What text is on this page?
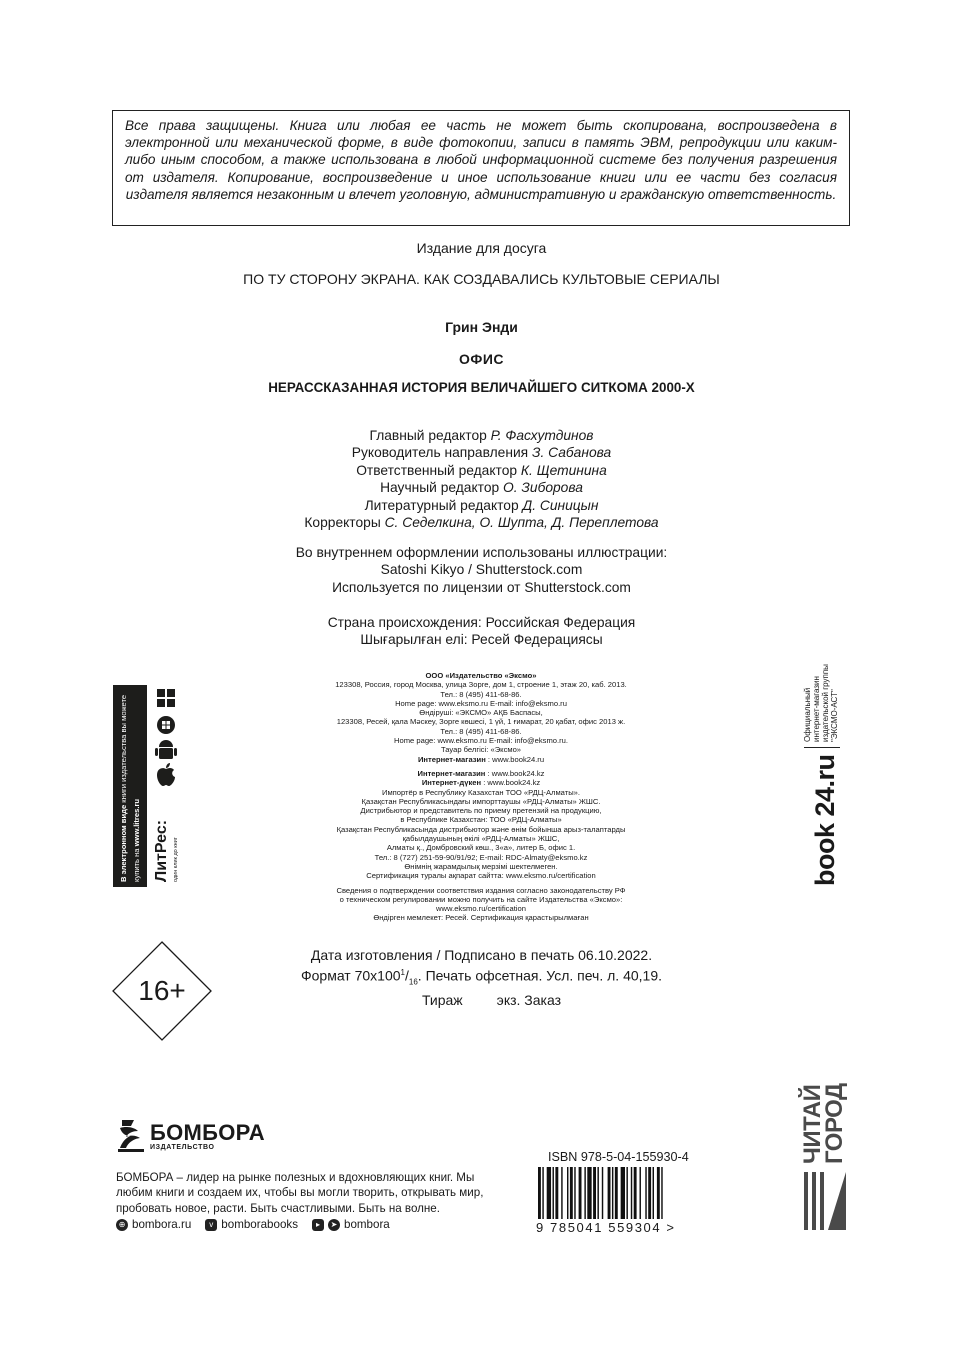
Все права защищены. Книга или любая ее часть не может быть скопирована, воспроизведена в электронной или механической форме, в виде фотокопии, записи в память ЭВМ, репродукции или каким-либо иным способом, а также использована в любой информационной системе без получения разрешения от издателя. Копирование, воспроизведение и иное использование книги или ее части без согласия издателя является незаконным и влечет уголовную, административную и гражданскую ответственность.
Издание для досуга
ПО ТУ СТОРОНУ ЭКРАНА. КАК СОЗДАВАЛИСЬ КУЛЬТОВЫЕ СЕРИАЛЫ
Грин Энди
ОФИС
НЕРАССКАЗАННАЯ ИСТОРИЯ ВЕЛИЧАЙШЕГО СИТКОМА 2000-Х
Главный редактор Р. Фасхутдинов
Руководитель направления З. Сабанова
Ответственный редактор К. Щетинина
Научный редактор О. Зиборова
Литературный редактор Д. Синицын
Корректоры С. Седелкина, О. Шупта, Д. Переплетова
Во внутреннем оформлении использованы иллюстрации:
Satoshi Kikyo / Shutterstock.com
Используется по лицензии от Shutterstock.com
Страна происхождения: Российская Федерация
Шығарылған елі: Ресей Федерациясы
ООО «Издательство «Эксмо»
123308, Россия, город Москва, улица Зорге, дом 1, строение 1, этаж 20, каб. 2013.
Тел.: 8 (495) 411-68-86.
Home page: www.eksmo.ru E-mail: info@eksmo.ru
Өндіруші: «ЭКСМО» АҚБ Баспасы,
123308, Ресей, қала Мәскеу, Зорге көшесі, 1 үй, 1 ғимарат, 20 қабат, офис 2013 ж.
Тел.: 8 (495) 411-68-86.
Home page: www.eksmo.ru E-mail: info@eksmo.ru.
Тауар белгісі: «Эксмо»
Интернет-магазин : www.book24.ru
Интернет-магазин : www.book24.kz
Интернет-дүкен : www.book24.kz
Импортёр в Республику Казахстан ТОО «РДЦ-Алматы».
Қазақстан Республикасындағы импорттаушы «РДЦ-Алматы» ЖШС.
Дистрибьютор и представитель по приему претензий на продукцию,
в Республике Казахстан: ТОО «РДЦ-Алматы»
Қазақстан Республикасында дистрибьютор және өнім бойынша арыз-талаптарды
қабылдаушының өкілі «РДЦ-Алматы» ЖШС,
Алматы қ., Домбровский көш., 3«а», литер Б, офис 1.
Тел.: 8 (727) 251-59-90/91/92; E-mail: RDC-Almaty@eksmo.kz
Өнімнің жарамдылық мерзімі шектелмеген.
Сертификация туралы ақпарат сайтта: www.eksmo.ru/certification
Сведения о подтверждении соответствия издания согласно законодательству РФ
о техническом регулировании можно получить на сайте Издательства «Эксмо»:
www.eksmo.ru/certification
Өндірген мемлекет: Ресей. Сертификация қарастырылмаған
Дата изготовления / Подписано в печать 06.10.2022.
Формат $70x100^1/_{16}$. Печать офсетная. Усл. печ. л. 40,19.
Тираж экз. Заказ
В электронном виде книги издательства вы можете
купить на www.litres.ru ЛитРес: один клик до книг
Официальный интернет-магазин издательской группы "ЭКСМО-АСТ"
book 24.ru
16+
ЧИТАЙ
ГОРОД
БОМБОРА
ИЗДАТЕЛЬСТВО
БОМБОРА – лидер на рынке полезных и вдохновляющих книг. Мы любим книги и создаем их, чтобы вы могли творить, открывать мир, пробовать новое, расти. Быть счастливыми. Быть на волне.
⊕ bombora.ru	v bomborabooks	▸	➤ bombora
ISBN 978-5-04-155930-4
9 785041 559304 >
